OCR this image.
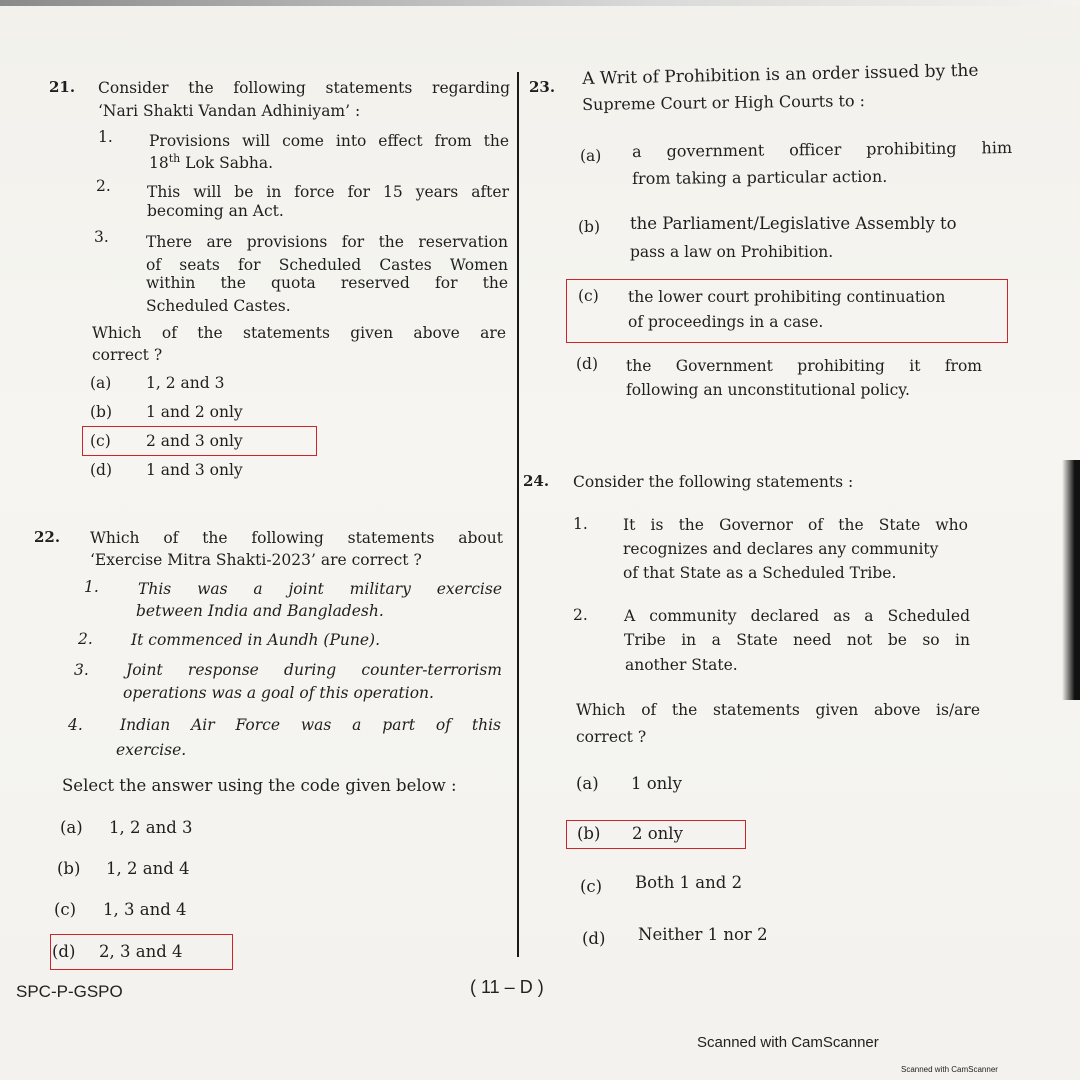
21. Consider the following statements regarding
‘Nari Shakti Vandan Adhiniyam’ :
1. Provisions will come into effect from the
18th Lok Sabha.
2. This will be in force for 15 years after
becoming an Act.
3. There are provisions for the reservation
of seats for Scheduled Castes Women
within the quota reserved for the
Scheduled Castes.
Which of the statements given above are
correct ?
(a) 1, 2 and 3
(b) 1 and 2 only
(c) 2 and 3 only
(d) 1 and 3 only
22. Which of the following statements about
‘Exercise Mitra Shakti-2023’ are correct ?
1.	This was a joint military exercise
between India and Bangladesh.
2. It commenced in Aundh (Pune).
3. Joint response during counter-terrorism
operations was a goal of this operation.
4. Indian Air Force was a part of this
exercise.
Select the answer using the code given below :
(a) 1, 2 and 3
(b) 1, 2 and 4
(c) 1, 3 and 4
(d) 2, 3 and 4
23. A Writ of Prohibition is an order issued by the
Supreme Court or High Courts to :
(a) a government officer prohibiting him
from taking a particular action.
(b) the Parliament/Legislative Assembly to
pass a law on Prohibition.
(c) the lower court prohibiting continuation
of proceedings in a case.
(d) the Government prohibiting it from
following an unconstitutional policy.
24. Consider the following statements :
1. It is the Governor of the State who
recognizes and declares any community
of that State as a Scheduled Tribe.
2. A community declared as a Scheduled
Tribe in a State need not be so in
another State.
Which of the statements given above is/are
correct ?
(a) 1 only
(b) 2 only
(c) Both 1 and 2
(d) Neither 1 nor 2
SPC-P-GSPO	( 11 – D )
Scanned with CamScanner
Scanned with CamScanner
